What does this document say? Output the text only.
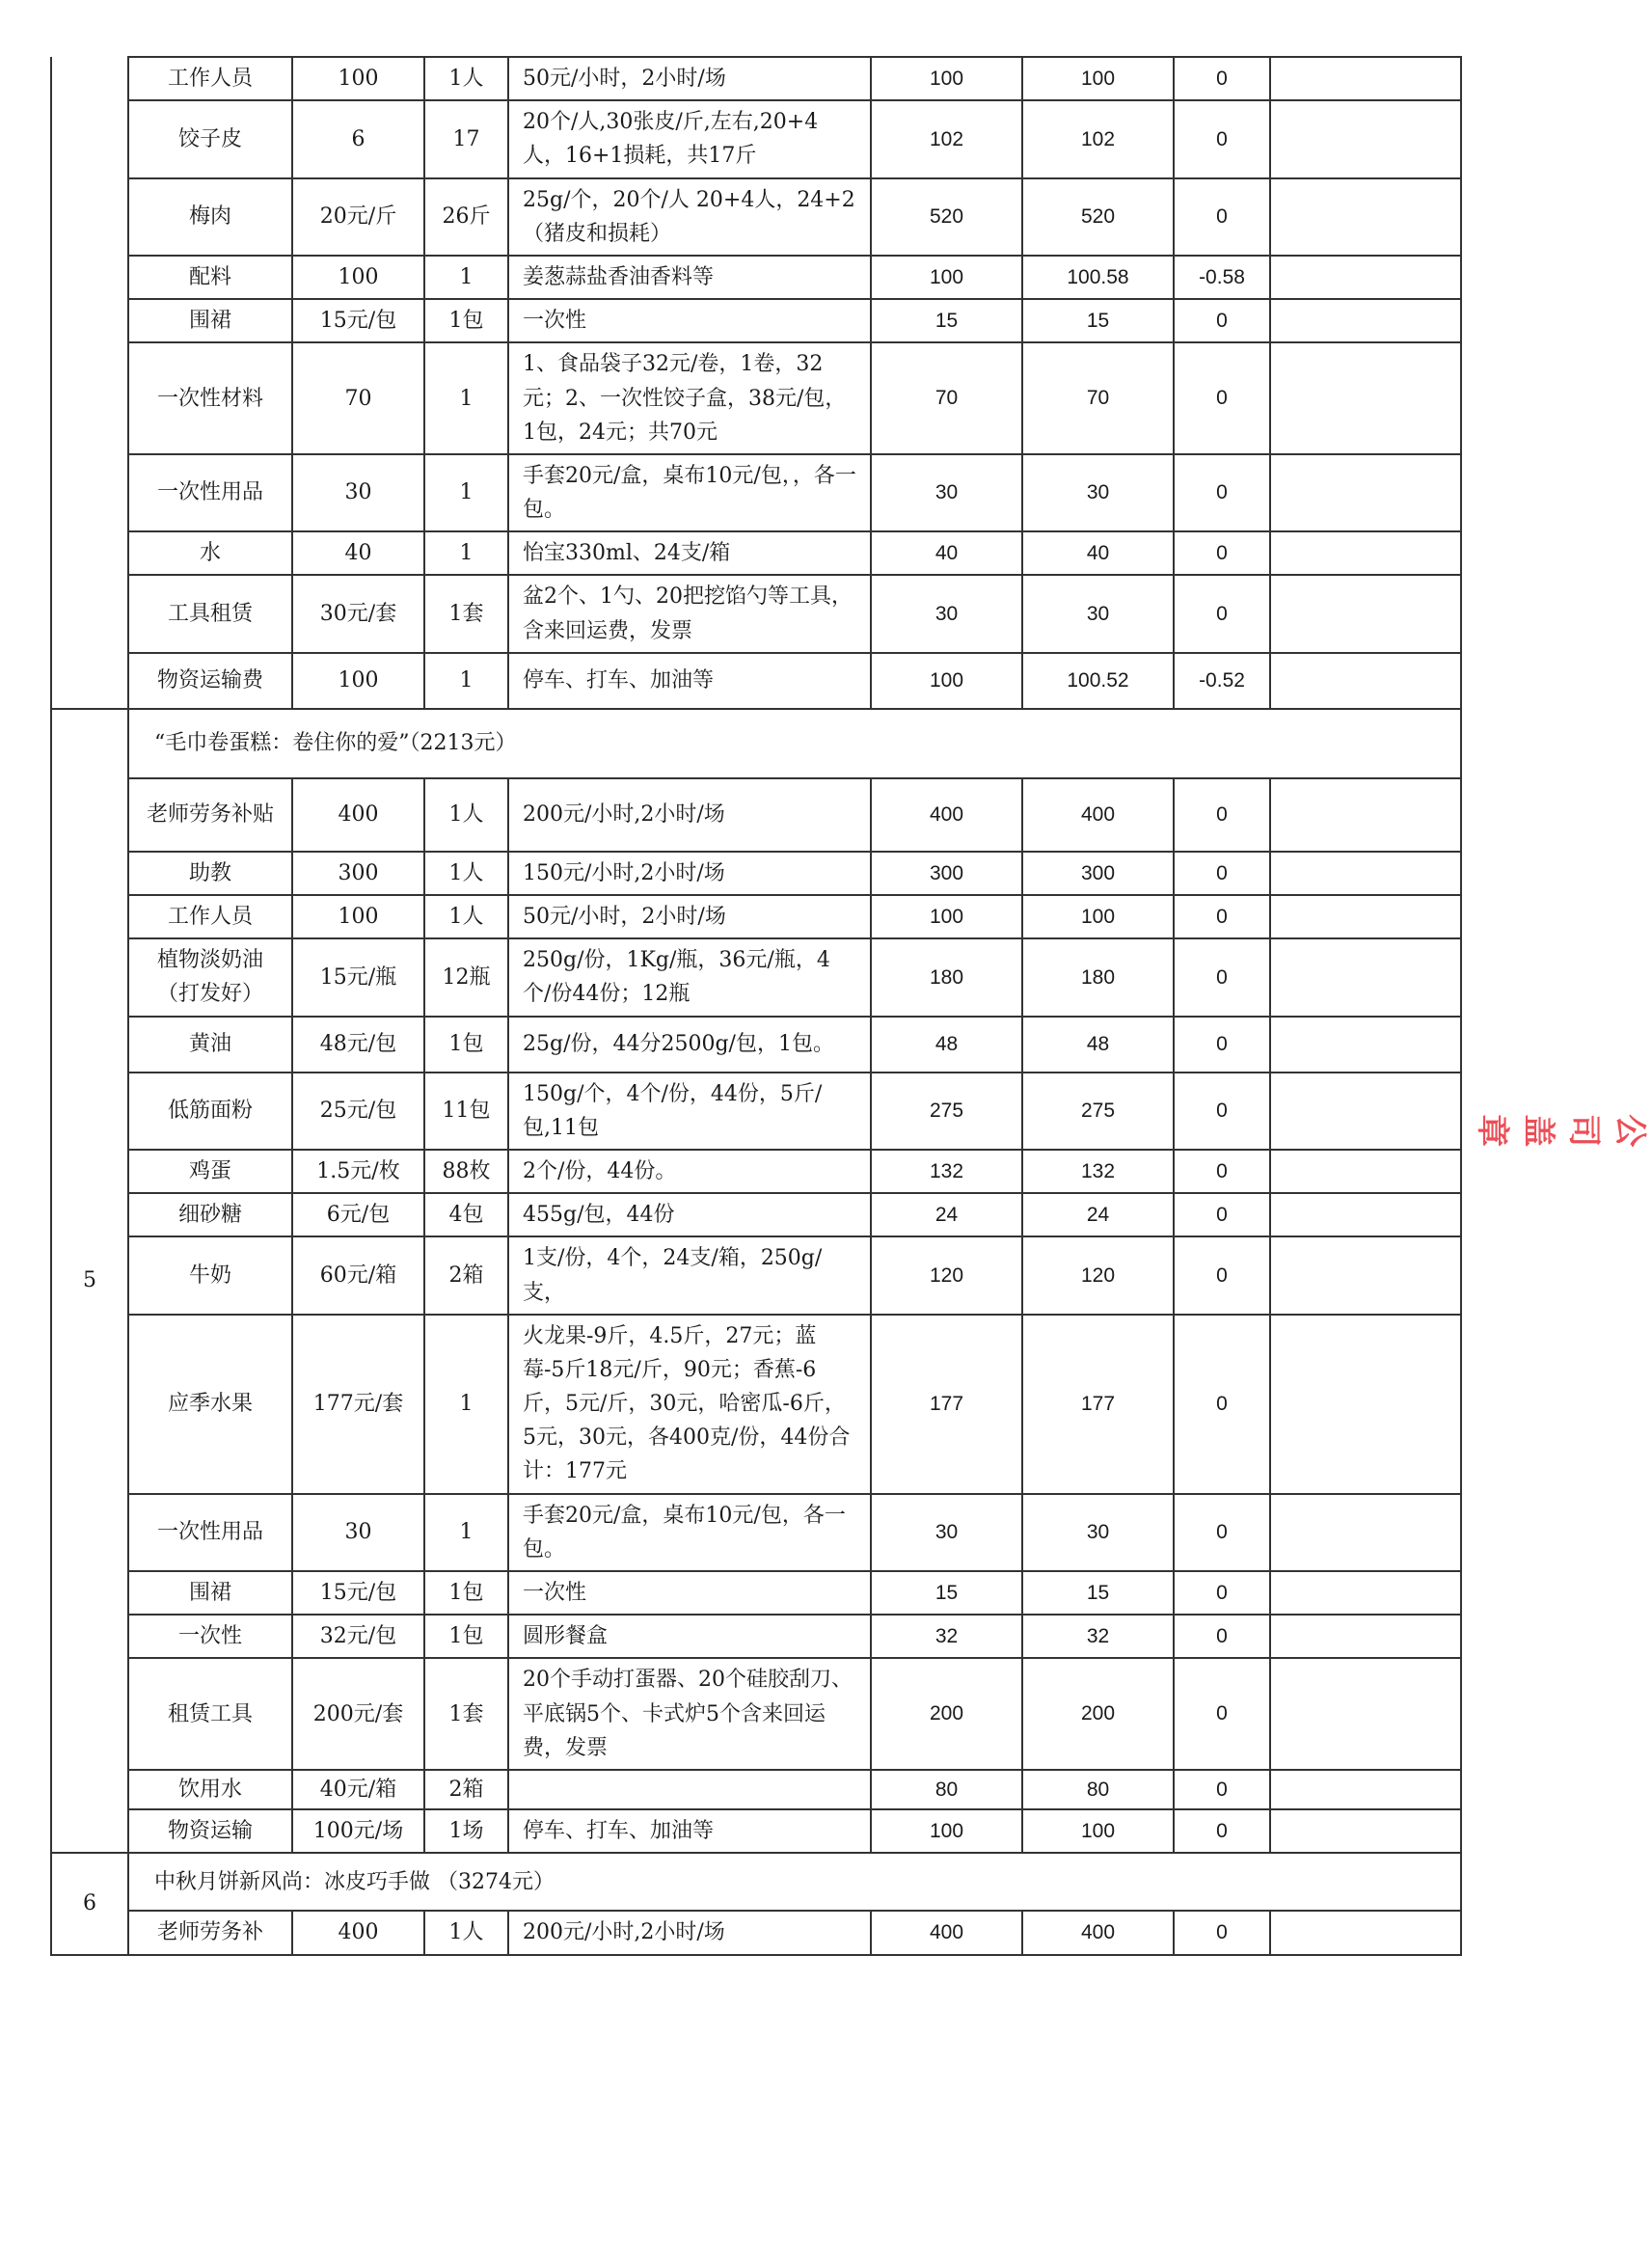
	工作人员	100	1人	50元/小时，2小时/场	100	100	0	
	饺子皮	6	17	20个/人,30张皮/斤,左右,20+4人，16+1损耗，共17斤	102	102	0	
	梅肉	20元/斤	26斤	25g/个，20个/人 20+4人，24+2（猪皮和损耗）	520	520	0	
	配料	100	1	姜葱蒜盐香油香料等	100	100.58	-0.58	
	围裙	15元/包	1包	一次性	15	15	0	
	一次性材料	70	1	1、食品袋子32元/卷，1卷，32元；2、一次性饺子盒，38元/包，1包，24元；共70元	70	70	0	
	一次性用品	30	1	手套20元/盒，桌布10元/包，，各一包。	30	30	0	
	水	40	1	怡宝330ml、24支/箱	40	40	0	
	工具租赁	30元/套	1套	盆2个、1勺、20把挖馅勺等工具，含来回运费，发票	30	30	0	
	物资运输费	100	1	停车、打车、加油等	100	100.52	-0.52	
5	“毛巾卷蛋糕：卷住你的爱”（2213元）							
	老师劳务补贴	400	1人	200元/小时,2小时/场	400	400	0	
	助教	300	1人	150元/小时,2小时/场	300	300	0	
	工作人员	100	1人	50元/小时，2小时/场	100	100	0	
	植物淡奶油（打发好）	15元/瓶	12瓶	250g/份，1Kg/瓶，36元/瓶，4个/份44份；12瓶	180	180	0	
	黄油	48元/包	1包	25g/份，44分2500g/包，1包。	48	48	0	
	低筋面粉	25元/包	11包	150g/个，4个/份，44份，5斤/包,11包	275	275	0	
	鸡蛋	1.5元/枚	88枚	2个/份，44份。	132	132	0	
	细砂糖	6元/包	4包	455g/包，44份	24	24	0	
	牛奶	60元/箱	2箱	1支/份，4个，24支/箱，250g/支，	120	120	0	
	应季水果	177元/套	1	火龙果-9斤，4.5斤，27元；蓝莓-5斤18元/斤，90元；香蕉-6斤，5元/斤，30元，哈密瓜-6斤，5元，30元，各400克/份，44份合计：177元	177	177	0	
	一次性用品	30	1	手套20元/盒，桌布10元/包，各一包。	30	30	0	
	围裙	15元/包	1包	一次性	15	15	0	
	一次性	32元/包	1包	圆形餐盒	32	32	0	
	租赁工具	200元/套	1套	20个手动打蛋器、20个硅胶刮刀、平底锅5个、卡式炉5个含来回运费，发票	200	200	0	
	饮用水	40元/箱	2箱		80	80	0	
	物资运输	100元/场	1场	停车、打车、加油等	100	100	0	
6	中秋月饼新风尚：冰皮巧手做 （3274元）							
	老师劳务补	400	1人	200元/小时,2小时/场	400	400	0	
公司盖章
